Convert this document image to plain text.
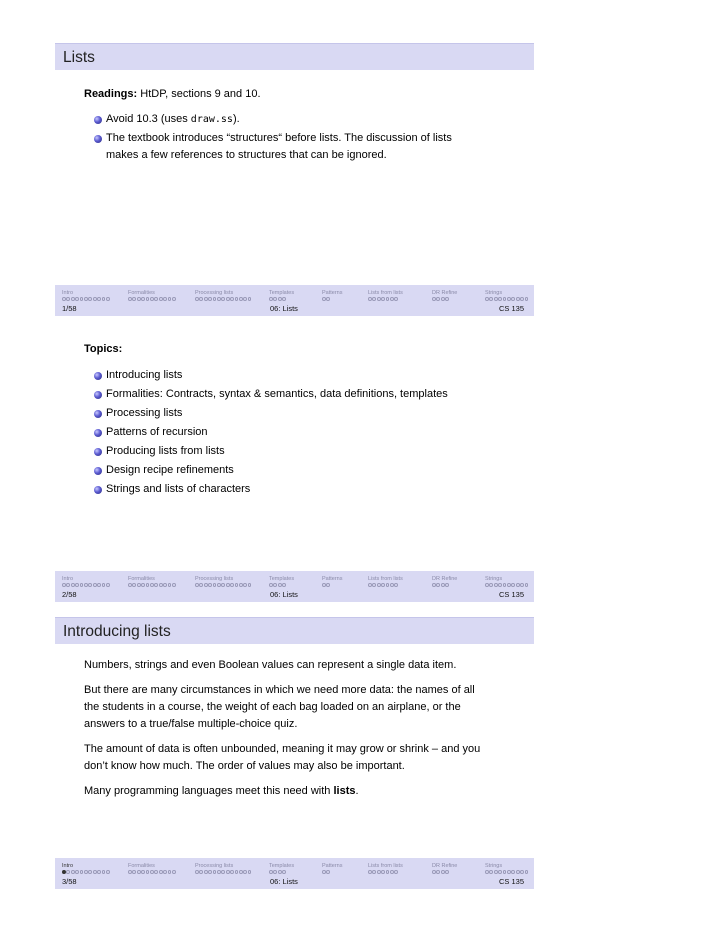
Lists
Readings: HtDP, sections 9 and 10.
Avoid 10.3 (uses draw.ss).
The textbook introduces “structures“ before lists. The discussion of lists
makes a few references to structures that can be ignored.
Intro	Formalities	Processing lists	Templates	Patterns	Lists from lists	DR Refine	Strings
1/58	06: Lists	CS 135
Topics:
Introducing lists
Formalities: Contracts, syntax & semantics, data definitions, templates
Processing lists
Patterns of recursion
Producing lists from lists
Design recipe refinements
Strings and lists of characters
Intro	Formalities	Processing lists	Templates	Patterns	Lists from lists	DR Refine	Strings
2/58	06: Lists	CS 135
Introducing lists

Numbers, strings and even Boolean values can represent a single data item.

But there are many circumstances in which we need more data: the names of all
the students in a course, the weight of each bag loaded on an airplane, or the
answers to a true/false multiple-choice quiz.

The amount of data is often unbounded, meaning it may grow or shrink – and you
don’t know how much. The order of values may also be important.

Many programming languages meet this need with lists.

Intro	Formalities	Processing lists	Templates	Patterns	Lists from lists	DR Refine	Strings
3/58	06: Lists	CS 135
